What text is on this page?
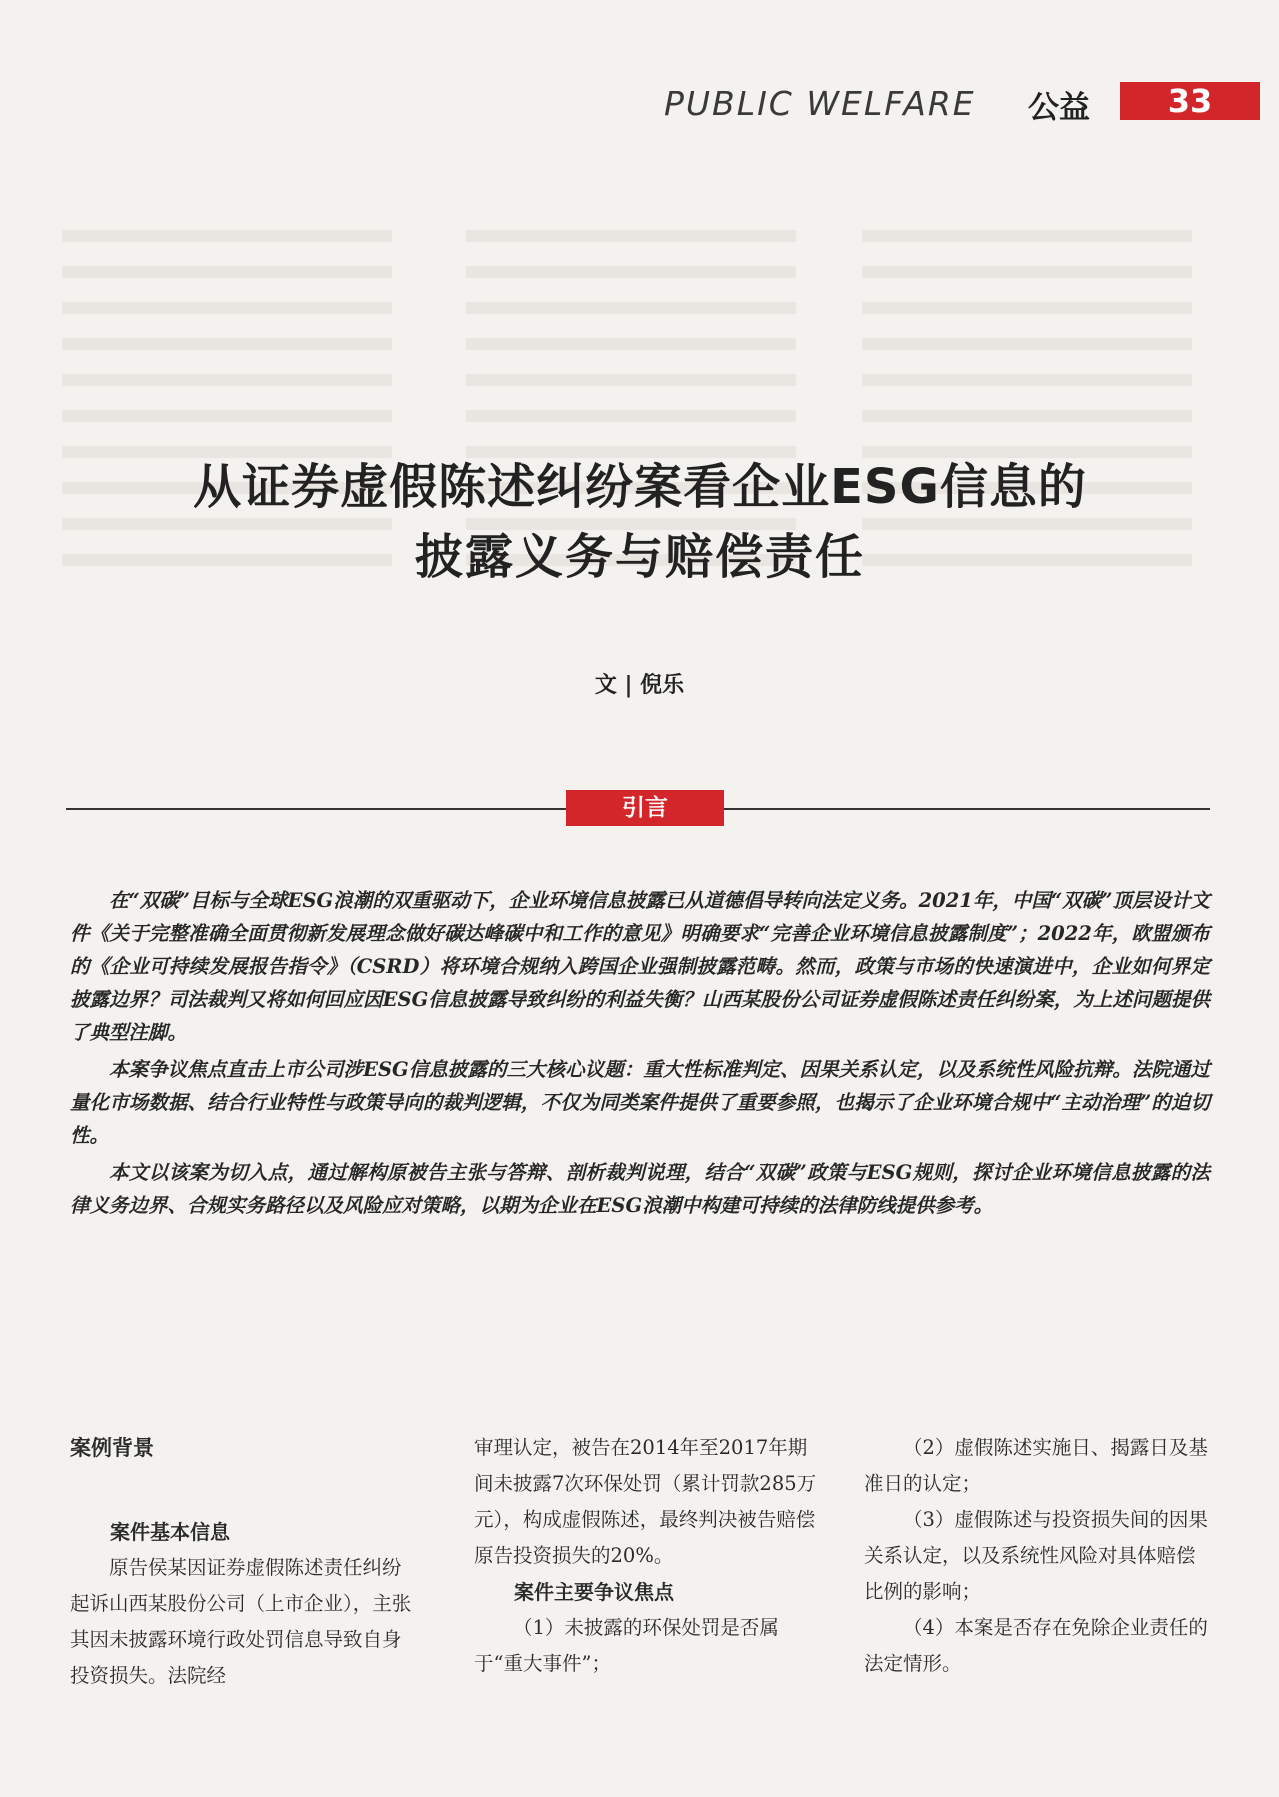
PUBLIC WELFARE 公益	33
从证券虚假陈述纠纷案看企业ESG信息的
披露义务与赔偿责任
文 | 倪乐
引言

在“双碳”目标与全球ESG浪潮的双重驱动下，企业环境信息披露已从道德倡导转向法定义务。2021年，中国“双碳”顶层设计文件《关于完整准确全面贯彻新发展理念做好碳达峰碳中和工作的意见》明确要求“完善企业环境信息披露制度”；2022年，欧盟颁布的《企业可持续发展报告指令》（CSRD）将环境合规纳入跨国企业强制披露范畴。然而，政策与市场的快速演进中，企业如何界定披露边界？司法裁判又将如何回应因ESG信息披露导致纠纷的利益失衡？山西某股份公司证券虚假陈述责任纠纷案，为上述问题提供了典型注脚。

本案争议焦点直击上市公司涉ESG信息披露的三大核心议题：重大性标准判定、因果关系认定，以及系统性风险抗辩。法院通过量化市场数据、结合行业特性与政策导向的裁判逻辑，不仅为同类案件提供了重要参照，也揭示了企业环境合规中“主动治理”的迫切性。

本文以该案为切入点，通过解构原被告主张与答辩、剖析裁判说理，结合“双碳”政策与ESG规则，探讨企业环境信息披露的法律义务边界、合规实务路径以及风险应对策略，以期为企业在ESG浪潮中构建可持续的法律防线提供参考。

案例背景

案件基本信息

原告侯某因证券虚假陈述责任纠纷起诉山西某股份公司（上市企业），主张其因未披露环境行政处罚信息导致自身投资损失。法院经

审理认定，被告在2014年至2017年期间未披露7次环保处罚（累计罚款285万元），构成虚假陈述，最终判决被告赔偿原告投资损失的20%。

案件主要争议焦点

（1）未披露的环保处罚是否属于“重大事件”；

（2）虚假陈述实施日、揭露日及基准日的认定；

（3）虚假陈述与投资损失间的因果关系认定，以及系统性风险对具体赔偿比例的影响；

（4）本案是否存在免除企业责任的法定情形。
